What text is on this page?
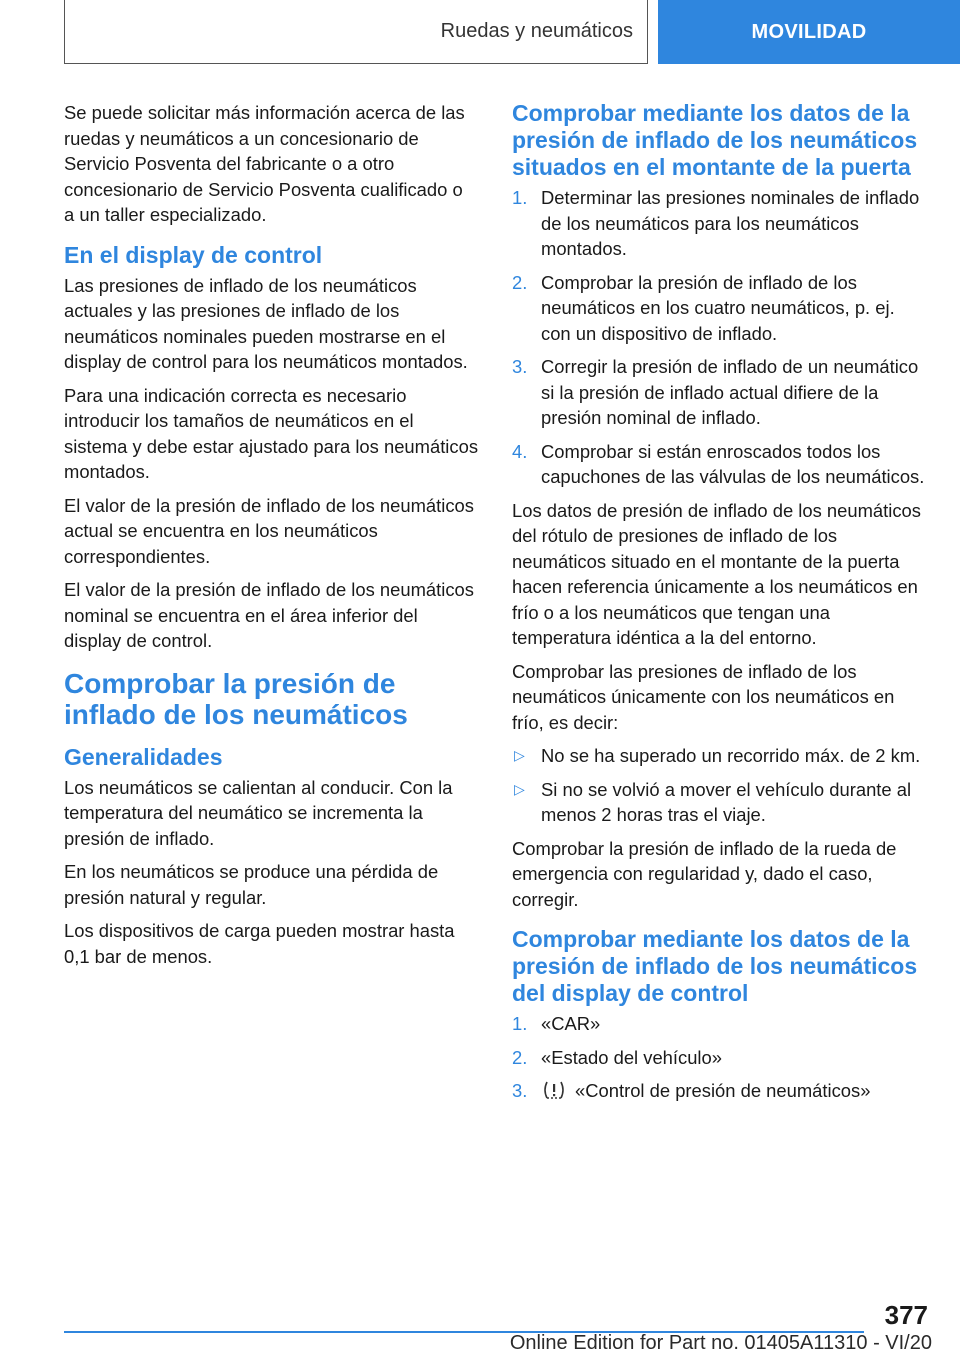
Ruedas y neumáticos	MOVILIDAD

Se puede solicitar más información acerca de las ruedas y neumáticos a un concesionario de Servicio Posventa del fabricante o a otro concesionario de Servicio Posventa cualificado o a un taller especializado.

En el display de control

Las presiones de inflado de los neumáticos actuales y las presiones de inflado de los neumáticos nominales pueden mostrarse en el display de control para los neumáticos montados.

Para una indicación correcta es necesario introducir los tamaños de neumáticos en el sistema y debe estar ajustado para los neumáticos montados.

El valor de la presión de inflado de los neumáticos actual se encuentra en los neumáticos correspondientes.

El valor de la presión de inflado de los neumáticos nominal se encuentra en el área inferior del display de control.

Comprobar la presión de inflado de los neumáticos
Generalidades

Los neumáticos se calientan al conducir. Con la temperatura del neumático se incrementa la presión de inflado.

En los neumáticos se produce una pérdida de presión natural y regular.

Los dispositivos de carga pueden mostrar hasta 0,1 bar de menos.

Comprobar mediante los datos de la presión de inflado de los neumáticos situados en el montante de la puerta
1. Determinar las presiones nominales de inflado de los neumáticos para los neumáticos montados.
2. Comprobar la presión de inflado de los neumáticos en los cuatro neumáticos, p. ej. con un dispositivo de inflado.
3. Corregir la presión de inflado de un neumático si la presión de inflado actual difiere de la presión nominal de inflado.
4. Comprobar si están enroscados todos los capuchones de las válvulas de los neumáticos.

Los datos de presión de inflado de los neumáticos del rótulo de presiones de inflado de los neumáticos situado en el montante de la puerta hacen referencia únicamente a los neumáticos en frío o a los neumáticos que tengan una temperatura idéntica a la del entorno.

Comprobar las presiones de inflado de los neumáticos únicamente con los neumáticos en frío, es decir:

▷ No se ha superado un recorrido máx. de 2 km.
▷ Si no se volvió a mover el vehículo durante al menos 2 horas tras el viaje.

Comprobar la presión de inflado de la rueda de emergencia con regularidad y, dado el caso, corregir.

Comprobar mediante los datos de la presión de inflado de los neumáticos del display de control
1. «CAR»
2. «Estado del vehículo»
3.	«Control de presión de neumáticos»
377
Online Edition for Part no. 01405A11310 - VI/20
